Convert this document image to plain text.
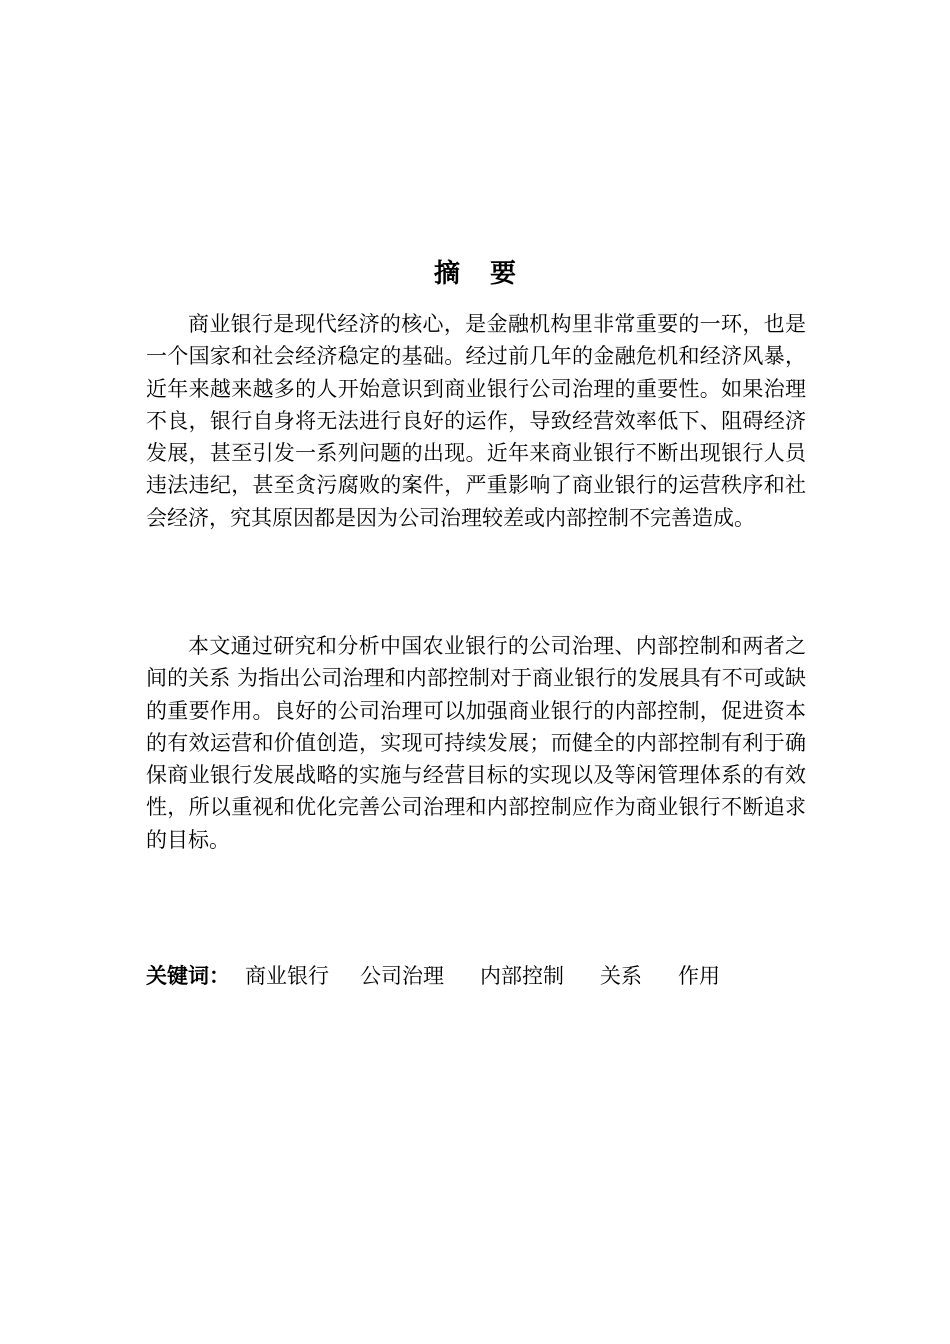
摘要

商业银行是现代经济的核心，是金融机构里非常重要的一环，也是一个国家和社会经济稳定的基础。经过前几年的金融危机和经济风暴，近年来越来越多的人开始意识到商业银行公司治理的重要性。如果治理不良，银行自身将无法进行良好的运作，导致经营效率低下、阻碍经济发展，甚至引发一系列问题的出现。近年来商业银行不断出现银行人员违法违纪，甚至贪污腐败的案件，严重影响了商业银行的运营秩序和社会经济，究其原因都是因为公司治理较差或内部控制不完善造成。

本文通过研究和分析中国农业银行的公司治理、内部控制和两者之间的关系 为指出公司治理和内部控制对于商业银行的发展具有不可或缺的重要作用。良好的公司治理可以加强商业银行的内部控制，促进资本的有效运营和价值创造，实现可持续发展；而健全的内部控制有利于确保商业银行发展战略的实施与经营目标的实现以及等闲管理体系的有效性，所以重视和优化完善公司治理和内部控制应作为商业银行不断追求的目标。

关键词： 商业银行 公司治理 内部控制 关系 作用
